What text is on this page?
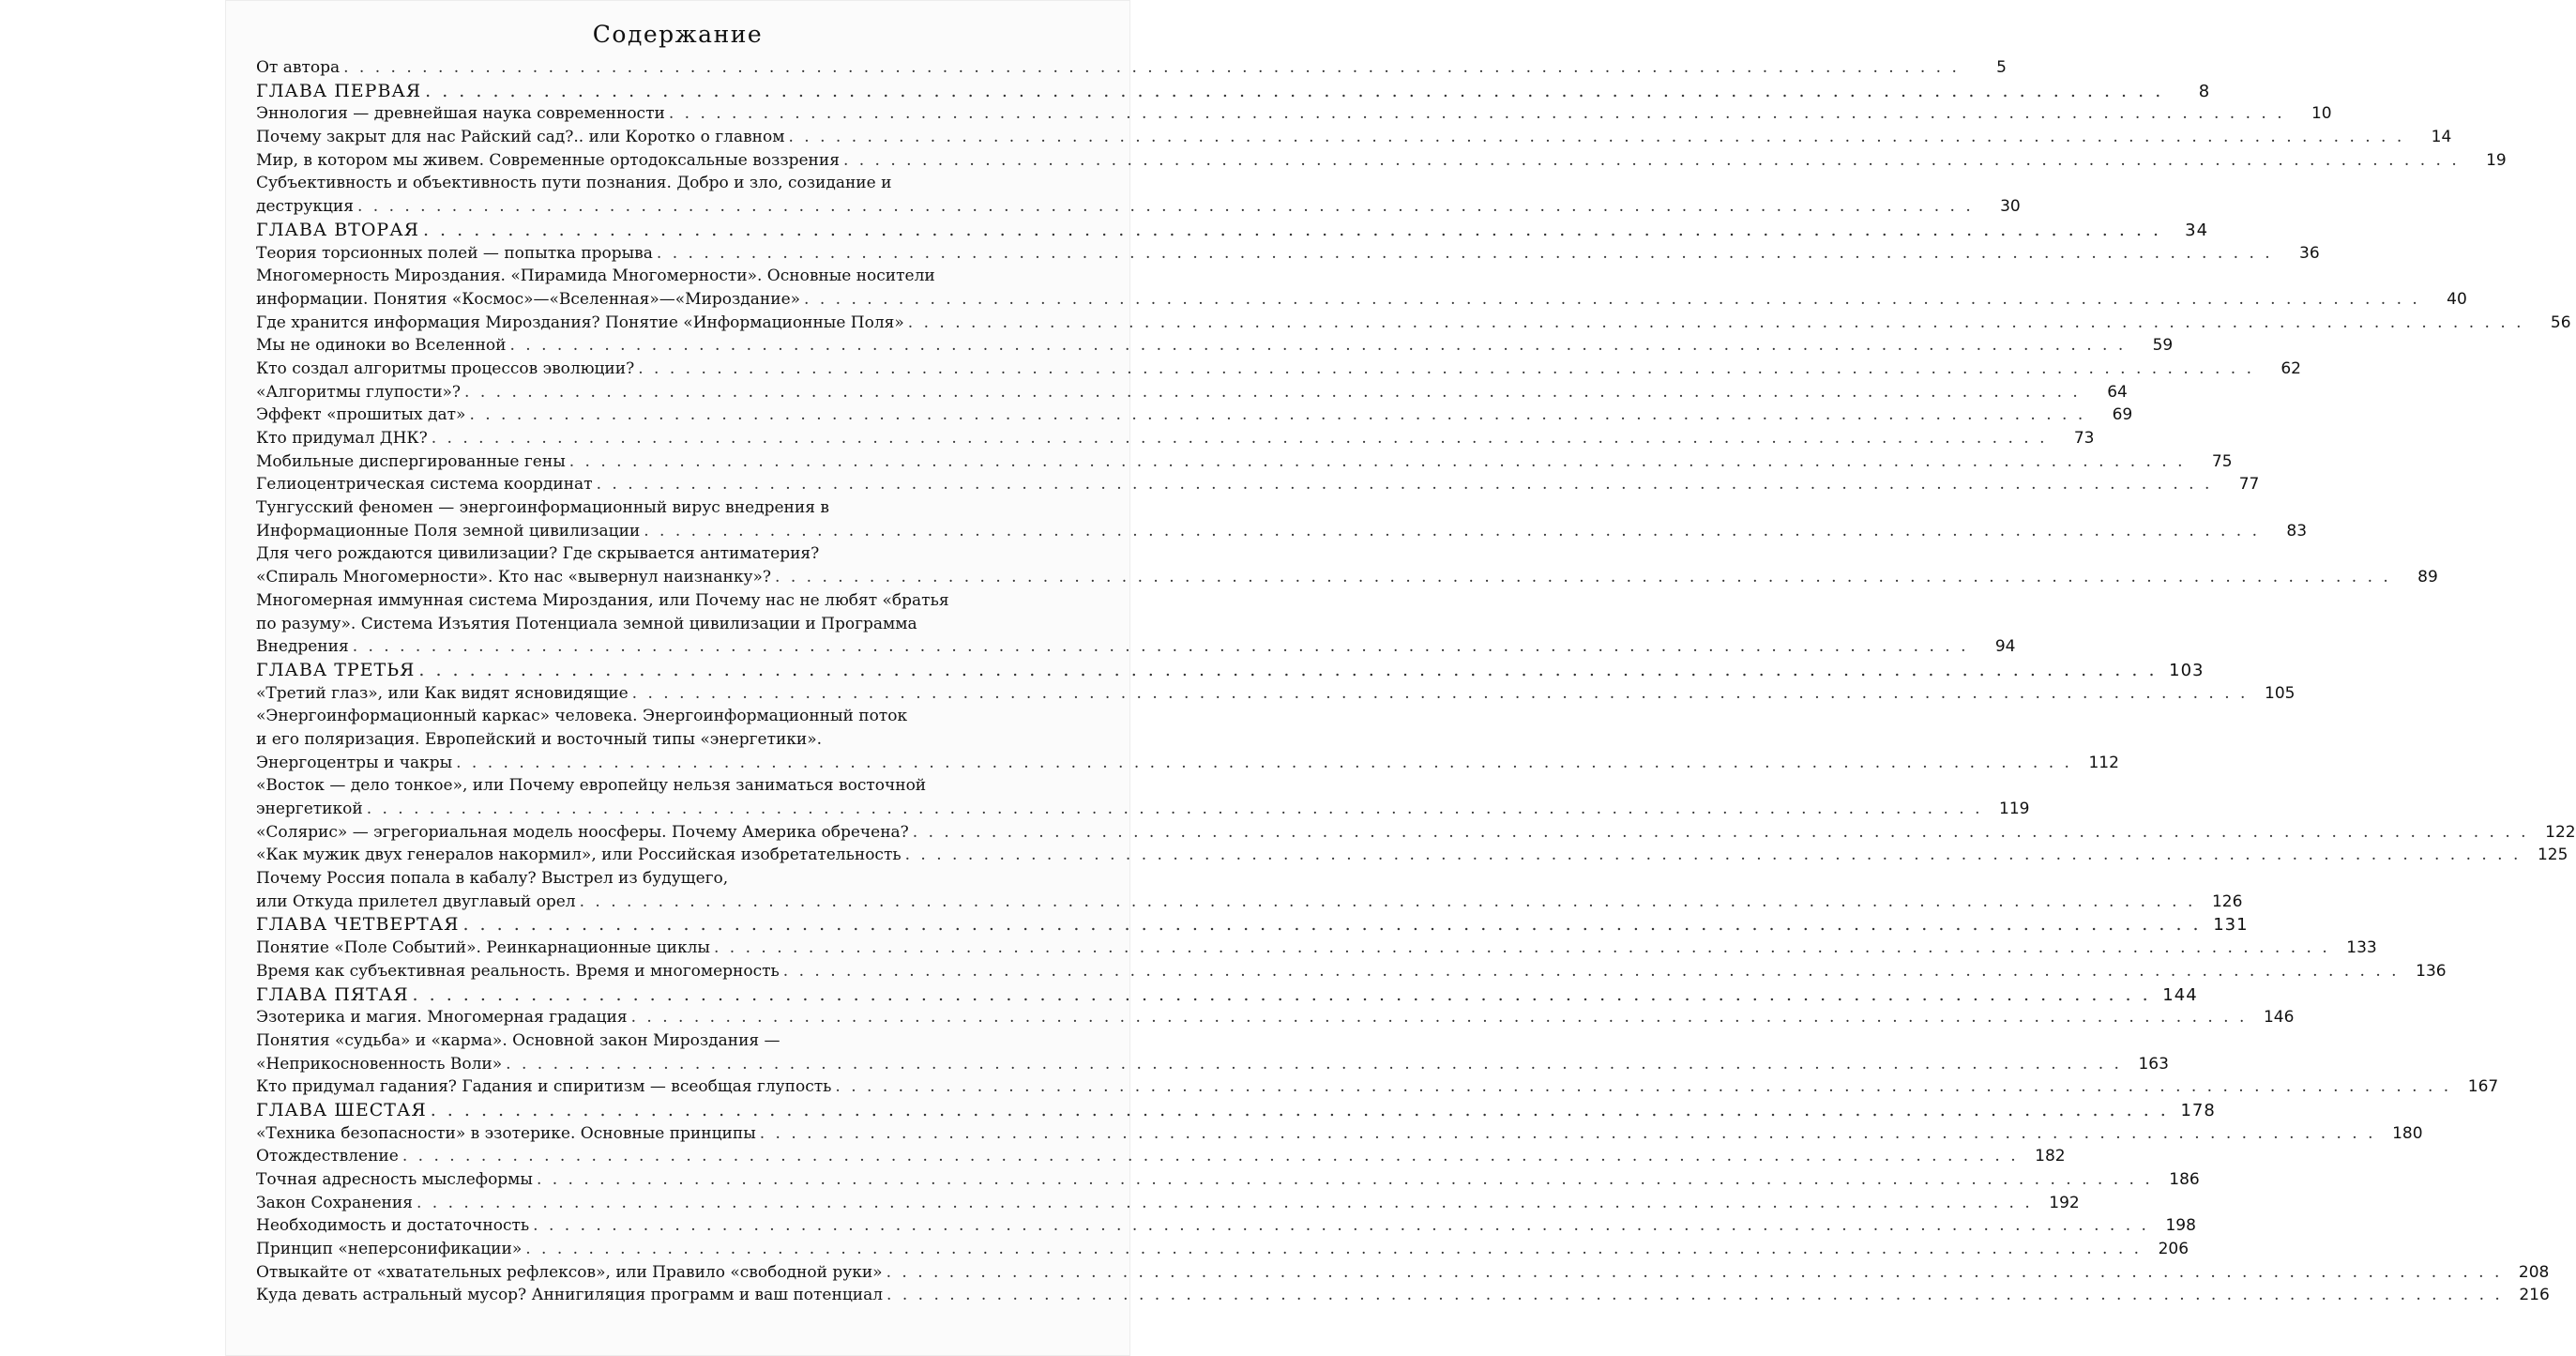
Содержание
От автора . . . . . . . . . . . . . . . . . . . . . . . . . . . . . . . . . . . . . . . . . . . . . . . . . . . . . . . . . . . . . . . . . . . . . . . . . . . . . . . . . . . . . . . . . . . . . . . . . . . . . . .	5
ГЛАВА ПЕРВАЯ . . . . . . . . . . . . . . . . . . . . . . . . . . . . . . . . . . . . . . . . . . . . . . . . . . . . . . . . . . . . . . . . . . . . . . . . . . . . . . . . . . . . . . . . . . . . . . . . . . . . . . .	8
Эннология — древнейшая наука современности . . . . . . . . . . . . . . . . . . . . . . . . . . . . . . . . . . . . . . . . . . . . . . . . . . . . . . . . . . . . . . . . . . . . . . . . . . . . . . . . . . . . . . . . . . . . . . . . . . . . . . .	10
Почему закрыт для нас Райский сад?.. или Коротко о главном . . . . . . . . . . . . . . . . . . . . . . . . . . . . . . . . . . . . . . . . . . . . . . . . . . . . . . . . . . . . . . . . . . . . . . . . . . . . . . . . . . . . . . . . . . . . . . . . . . . . . . .	14
Мир, в котором мы живем. Современные ортодоксальные воззрения . . . . . . . . . . . . . . . . . . . . . . . . . . . . . . . . . . . . . . . . . . . . . . . . . . . . . . . . . . . . . . . . . . . . . . . . . . . . . . . . . . . . . . . . . . . . . . . . . . . . . . .	19
Субъективность и объективность пути познания. Добро и зло, созидание и
деструкция . . . . . . . . . . . . . . . . . . . . . . . . . . . . . . . . . . . . . . . . . . . . . . . . . . . . . . . . . . . . . . . . . . . . . . . . . . . . . . . . . . . . . . . . . . . . . . . . . . . . . . .	30
ГЛАВА ВТОРАЯ . . . . . . . . . . . . . . . . . . . . . . . . . . . . . . . . . . . . . . . . . . . . . . . . . . . . . . . . . . . . . . . . . . . . . . . . . . . . . . . . . . . . . . . . . . . . . . . . . . . . . . .	34
Теория торсионных полей — попытка прорыва . . . . . . . . . . . . . . . . . . . . . . . . . . . . . . . . . . . . . . . . . . . . . . . . . . . . . . . . . . . . . . . . . . . . . . . . . . . . . . . . . . . . . . . . . . . . . . . . . . . . . . .	36
Многомерность Мироздания. «Пирамида Многомерности». Основные носители
информации. Понятия «Космос»—«Вселенная»—«Мироздание» . . . . . . . . . . . . . . . . . . . . . . . . . . . . . . . . . . . . . . . . . . . . . . . . . . . . . . . . . . . . . . . . . . . . . . . . . . . . . . . . . . . . . . . . . . . . . . . . . . . . . . .	40
Где хранится информация Мироздания? Понятие «Информационные Поля» . . . . . . . . . . . . . . . . . . . . . . . . . . . . . . . . . . . . . . . . . . . . . . . . . . . . . . . . . . . . . . . . . . . . . . . . . . . . . . . . . . . . . . . . . . . . . . . . . . . . . . .	56
Мы не одиноки во Вселенной . . . . . . . . . . . . . . . . . . . . . . . . . . . . . . . . . . . . . . . . . . . . . . . . . . . . . . . . . . . . . . . . . . . . . . . . . . . . . . . . . . . . . . . . . . . . . . . . . . . . . . .	59
Кто создал алгоритмы процессов эволюции? . . . . . . . . . . . . . . . . . . . . . . . . . . . . . . . . . . . . . . . . . . . . . . . . . . . . . . . . . . . . . . . . . . . . . . . . . . . . . . . . . . . . . . . . . . . . . . . . . . . . . . .	62
«Алгоритмы глупости»? . . . . . . . . . . . . . . . . . . . . . . . . . . . . . . . . . . . . . . . . . . . . . . . . . . . . . . . . . . . . . . . . . . . . . . . . . . . . . . . . . . . . . . . . . . . . . . . . . . . . . . .	64
Эффект «прошитых дат» . . . . . . . . . . . . . . . . . . . . . . . . . . . . . . . . . . . . . . . . . . . . . . . . . . . . . . . . . . . . . . . . . . . . . . . . . . . . . . . . . . . . . . . . . . . . . . . . . . . . . . .	69
Кто придумал ДНК? . . . . . . . . . . . . . . . . . . . . . . . . . . . . . . . . . . . . . . . . . . . . . . . . . . . . . . . . . . . . . . . . . . . . . . . . . . . . . . . . . . . . . . . . . . . . . . . . . . . . . . .	73
Мобильные диспергированные гены . . . . . . . . . . . . . . . . . . . . . . . . . . . . . . . . . . . . . . . . . . . . . . . . . . . . . . . . . . . . . . . . . . . . . . . . . . . . . . . . . . . . . . . . . . . . . . . . . . . . . . .	75
Гелиоцентрическая система координат . . . . . . . . . . . . . . . . . . . . . . . . . . . . . . . . . . . . . . . . . . . . . . . . . . . . . . . . . . . . . . . . . . . . . . . . . . . . . . . . . . . . . . . . . . . . . . . . . . . . . . .	77
Тунгусский феномен — энергоинформационный вирус внедрения в
Информационные Поля земной цивилизации . . . . . . . . . . . . . . . . . . . . . . . . . . . . . . . . . . . . . . . . . . . . . . . . . . . . . . . . . . . . . . . . . . . . . . . . . . . . . . . . . . . . . . . . . . . . . . . . . . . . . . .	83
Для чего рождаются цивилизации? Где скрывается антиматерия?
«Спираль Многомерности». Кто нас «вывернул наизнанку»? . . . . . . . . . . . . . . . . . . . . . . . . . . . . . . . . . . . . . . . . . . . . . . . . . . . . . . . . . . . . . . . . . . . . . . . . . . . . . . . . . . . . . . . . . . . . . . . . . . . . . . .	89
Многомерная иммунная система Мироздания, или Почему нас не любят «братья
по разуму». Система Изъятия Потенциала земной цивилизации и Программа
Внедрения . . . . . . . . . . . . . . . . . . . . . . . . . . . . . . . . . . . . . . . . . . . . . . . . . . . . . . . . . . . . . . . . . . . . . . . . . . . . . . . . . . . . . . . . . . . . . . . . . . . . . . .	94
ГЛАВА ТРЕТЬЯ . . . . . . . . . . . . . . . . . . . . . . . . . . . . . . . . . . . . . . . . . . . . . . . . . . . . . . . . . . . . . . . . . . . . . . . . . . . . . . . . . . . . . . . . . . . . . . . . . . . . . . . 103
«Третий глаз», или Как видят ясновидящие . . . . . . . . . . . . . . . . . . . . . . . . . . . . . . . . . . . . . . . . . . . . . . . . . . . . . . . . . . . . . . . . . . . . . . . . . . . . . . . . . . . . . . . . . . . . . . . . . . . . . . .	105
«Энергоинформационный каркас» человека. Энергоинформационный поток
и его поляризация. Европейский и восточный типы «энергетики».
Энергоцентры и чакры . . . . . . . . . . . . . . . . . . . . . . . . . . . . . . . . . . . . . . . . . . . . . . . . . . . . . . . . . . . . . . . . . . . . . . . . . . . . . . . . . . . . . . . . . . . . . . . . . . . . . . .	112
«Восток — дело тонкое», или Почему европейцу нельзя заниматься восточной
энергетикой . . . . . . . . . . . . . . . . . . . . . . . . . . . . . . . . . . . . . . . . . . . . . . . . . . . . . . . . . . . . . . . . . . . . . . . . . . . . . . . . . . . . . . . . . . . . . . . . . . . . . . .	119
«Солярис» — эгрегориальная модель ноосферы. Почему Америка обречена? . . . . . . . . . . . . . . . . . . . . . . . . . . . . . . . . . . . . . . . . . . . . . . . . . . . . . . . . . . . . . . . . . . . . . . . . . . . . . . . . . . . . . . . . . . . . . . . . . . . . . . .	122
«Как мужик двух генералов накормил», или Российская изобретательность . . . . . . . . . . . . . . . . . . . . . . . . . . . . . . . . . . . . . . . . . . . . . . . . . . . . . . . . . . . . . . . . . . . . . . . . . . . . . . . . . . . . . . . . . . . . . . . . . . . . . . .	125
Почему Россия попала в кабалу? Выстрел из будущего,
или Откуда прилетел двуглавый орел . . . . . . . . . . . . . . . . . . . . . . . . . . . . . . . . . . . . . . . . . . . . . . . . . . . . . . . . . . . . . . . . . . . . . . . . . . . . . . . . . . . . . . . . . . . . . . . . . . . . . . .	126
ГЛАВА ЧЕТВЕРТАЯ . . . . . . . . . . . . . . . . . . . . . . . . . . . . . . . . . . . . . . . . . . . . . . . . . . . . . . . . . . . . . . . . . . . . . . . . . . . . . . . . . . . . . . . . . . . . . . . . . . . . . . . 131
Понятие «Поле Событий». Реинкарнационные циклы . . . . . . . . . . . . . . . . . . . . . . . . . . . . . . . . . . . . . . . . . . . . . . . . . . . . . . . . . . . . . . . . . . . . . . . . . . . . . . . . . . . . . . . . . . . . . . . . . . . . . . .	133
Время как субъективная реальность. Время и многомерность . . . . . . . . . . . . . . . . . . . . . . . . . . . . . . . . . . . . . . . . . . . . . . . . . . . . . . . . . . . . . . . . . . . . . . . . . . . . . . . . . . . . . . . . . . . . . . . . . . . . . . .	136
ГЛАВА ПЯТАЯ . . . . . . . . . . . . . . . . . . . . . . . . . . . . . . . . . . . . . . . . . . . . . . . . . . . . . . . . . . . . . . . . . . . . . . . . . . . . . . . . . . . . . . . . . . . . . . . . . . . . . . . 144
Эзотерика и магия. Многомерная градация . . . . . . . . . . . . . . . . . . . . . . . . . . . . . . . . . . . . . . . . . . . . . . . . . . . . . . . . . . . . . . . . . . . . . . . . . . . . . . . . . . . . . . . . . . . . . . . . . . . . . . .	146
Понятия «судьба» и «карма». Основной закон Мироздания —
«Неприкосновенность Воли» . . . . . . . . . . . . . . . . . . . . . . . . . . . . . . . . . . . . . . . . . . . . . . . . . . . . . . . . . . . . . . . . . . . . . . . . . . . . . . . . . . . . . . . . . . . . . . . . . . . . . . .	163
Кто придумал гадания? Гадания и спиритизм — всеобщая глупость . . . . . . . . . . . . . . . . . . . . . . . . . . . . . . . . . . . . . . . . . . . . . . . . . . . . . . . . . . . . . . . . . . . . . . . . . . . . . . . . . . . . . . . . . . . . . . . . . . . . . . .	167
ГЛАВА ШЕСТАЯ . . . . . . . . . . . . . . . . . . . . . . . . . . . . . . . . . . . . . . . . . . . . . . . . . . . . . . . . . . . . . . . . . . . . . . . . . . . . . . . . . . . . . . . . . . . . . . . . . . . . . . . 178
«Техника безопасности» в эзотерике. Основные принципы . . . . . . . . . . . . . . . . . . . . . . . . . . . . . . . . . . . . . . . . . . . . . . . . . . . . . . . . . . . . . . . . . . . . . . . . . . . . . . . . . . . . . . . . . . . . . . . . . . . . . . .	180
Отождествление . . . . . . . . . . . . . . . . . . . . . . . . . . . . . . . . . . . . . . . . . . . . . . . . . . . . . . . . . . . . . . . . . . . . . . . . . . . . . . . . . . . . . . . . . . . . . . . . . . . . . . .	182
Точная адресность мыслеформы . . . . . . . . . . . . . . . . . . . . . . . . . . . . . . . . . . . . . . . . . . . . . . . . . . . . . . . . . . . . . . . . . . . . . . . . . . . . . . . . . . . . . . . . . . . . . . . . . . . . . . .	186
Закон Сохранения . . . . . . . . . . . . . . . . . . . . . . . . . . . . . . . . . . . . . . . . . . . . . . . . . . . . . . . . . . . . . . . . . . . . . . . . . . . . . . . . . . . . . . . . . . . . . . . . . . . . . . .	192
Необходимость и достаточность . . . . . . . . . . . . . . . . . . . . . . . . . . . . . . . . . . . . . . . . . . . . . . . . . . . . . . . . . . . . . . . . . . . . . . . . . . . . . . . . . . . . . . . . . . . . . . . . . . . . . . .	198
Принцип «неперсонификации» . . . . . . . . . . . . . . . . . . . . . . . . . . . . . . . . . . . . . . . . . . . . . . . . . . . . . . . . . . . . . . . . . . . . . . . . . . . . . . . . . . . . . . . . . . . . . . . . . . . . . . .	206
Отвыкайте от «хватательных рефлексов», или Правило «свободной руки» . . . . . . . . . . . . . . . . . . . . . . . . . . . . . . . . . . . . . . . . . . . . . . . . . . . . . . . . . . . . . . . . . . . . . . . . . . . . . . . . . . . . . . . . . . . . . . . . . . . . . . .	208
Куда девать астральный мусор? Аннигиляция программ и ваш потенциал . . . . . . . . . . . . . . . . . . . . . . . . . . . . . . . . . . . . . . . . . . . . . . . . . . . . . . . . . . . . . . . . . . . . . . . . . . . . . . . . . . . . . . . . . . . . . . . . . . . . . . .	216
